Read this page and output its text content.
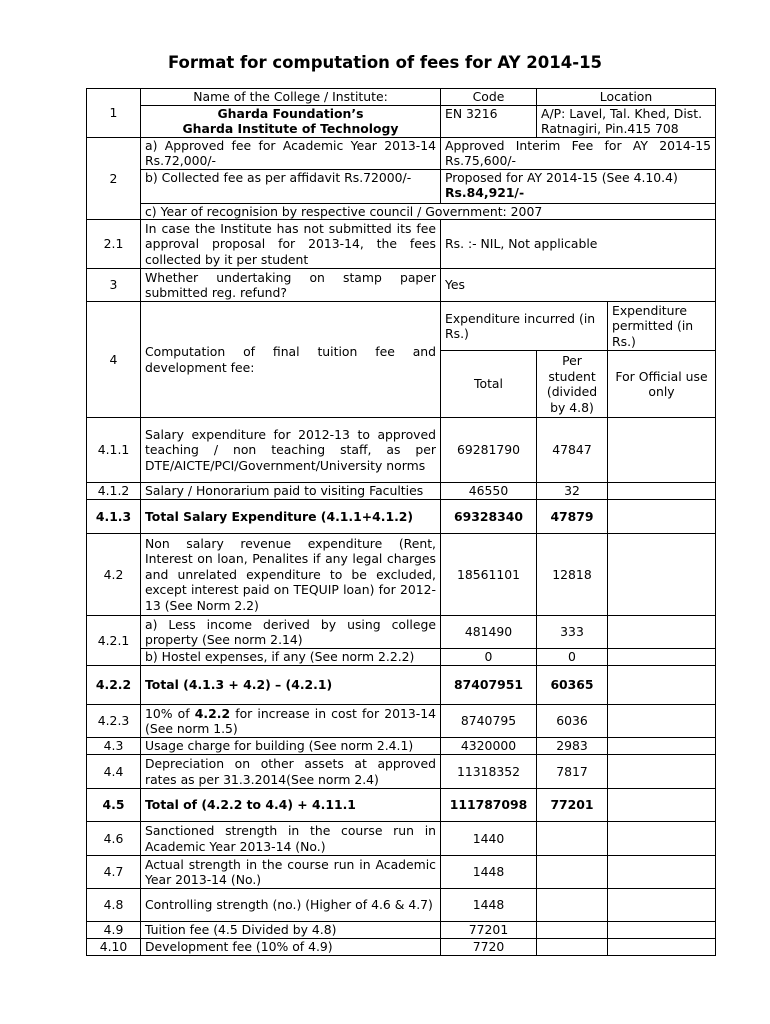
Format for computation of fees for AY 2014-15
1	Name of the College / Institute:	Code	Location	

	Gharda Foundation’s
Gharda Institute of Technology	EN 3216	A/P: Lavel, Tal. Khed, Dist. Ratnagiri, Pin.415 708	
2	a) Approved fee for Academic Year 2013-14 Rs.72,000/-	Approved Interim Fee for AY 2014-15 Rs.75,600/-		
	b) Collected fee as per affidavit Rs.72000/-	Proposed for AY 2014-15 (See 4.10.4)
Rs.84,921/-		

	c) Year of recognision by respective council / Government: 2007			
2.1	In case the Institute has not submitted its fee approval proposal for 2013-14, the fees collected by it per student	Rs. :- NIL, Not applicable		
3	Whether undertaking on stamp paper submitted reg. refund?	Yes		
4	Computation of final tuition fee and development fee:	Expenditure incurred (in Rs.)		Expenditure permitted (in Rs.)
		Total	Per student (divided by 4.8)	For Official use only
4.1.1	Salary expenditure for 2012-13 to approved teaching / non teaching staff, as per DTE/AICTE/PCI/Government/University norms	69281790	47847	
4.1.2	Salary / Honorarium paid to visiting Faculties	46550	32	
4.1.3	Total Salary Expenditure (4.1.1+4.1.2)	69328340	47879	
4.2	Non salary revenue expenditure (Rent, Interest on loan, Penalites if any legal charges and unrelated expenditure to be excluded, except interest paid on TEQUIP loan) for 2012-13 (See Norm 2.2)	18561101	12818	
4.2.1	a) Less income derived by using college property (See norm 2.14)	481490	333	
	b) Hostel expenses, if any (See norm 2.2.2)	0	0	
4.2.2	Total (4.1.3 + 4.2) – (4.2.1)	87407951	60365	
4.2.3	10% of 4.2.2 for increase in cost for 2013-14 (See norm 1.5)	8740795	6036	
4.3	Usage charge for building (See norm 2.4.1)	4320000	2983	
4.4	Depreciation on other assets at approved rates as per 31.3.2014(See norm 2.4)	11318352	7817	
4.5	Total of (4.2.2 to 4.4) + 4.11.1	111787098	77201	
4.6	Sanctioned strength in the course run in Academic Year 2013-14 (No.)	1440		
4.7	Actual strength in the course run in Academic Year 2013-14 (No.)	1448		
4.8	Controlling strength (no.) (Higher of 4.6 & 4.7)	1448		
4.9	Tuition fee (4.5 Divided by 4.8)	77201		
4.10	Development fee (10% of 4.9)	7720		
